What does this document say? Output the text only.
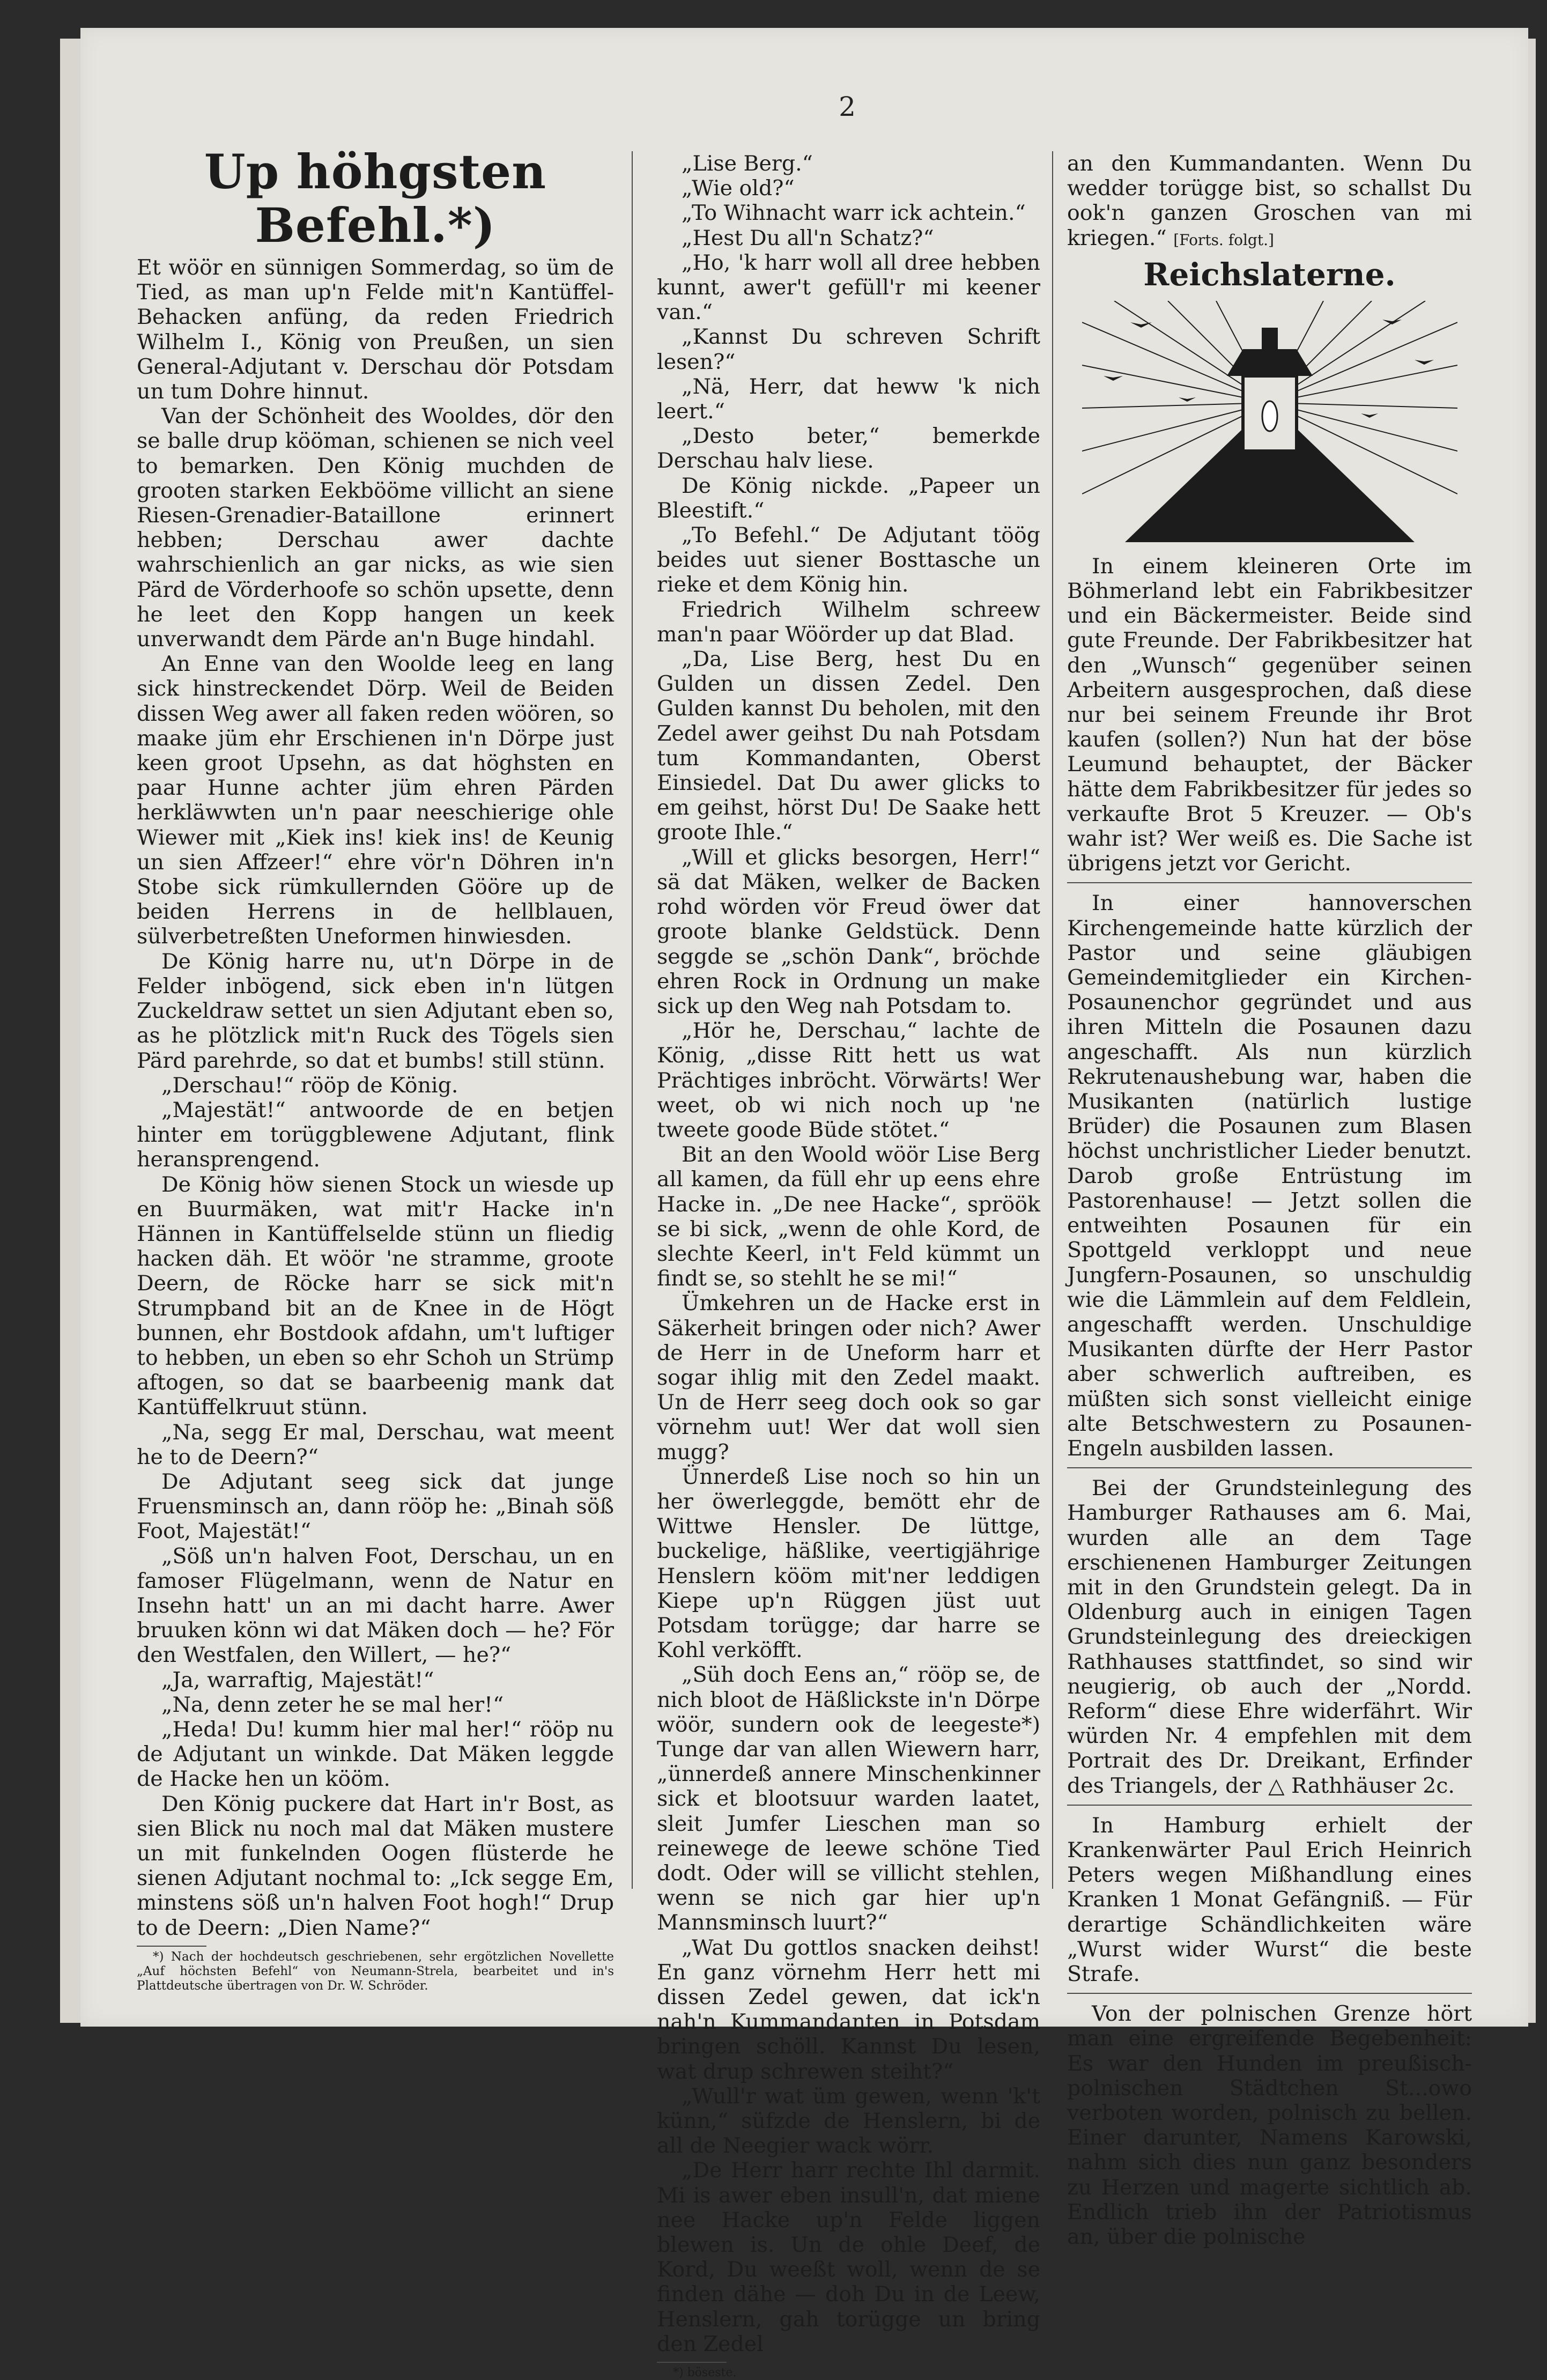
2
Up höhgsten Befehl.*)

Et wöör en sünnigen Sommerdag, so üm de Tied, as man up'n Felde mit'n Kantüffel-Behacken anfüng, da reden Friedrich Wilhelm I., König von Preußen, un sien General-Adjutant v. Derschau dör Potsdam un tum Dohre hinnut.

Van der Schönheit des Wooldes, dör den se balle drup kööman, schienen se nich veel to bemarken. Den König muchden de grooten starken Eekbööme villicht an siene Riesen-Grenadier-Bataillone erinnert hebben; Derschau awer dachte wahrschienlich an gar nicks, as wie sien Pärd de Vörderhoofe so schön upsette, denn he leet den Kopp hangen un keek unverwandt dem Pärde an'n Buge hindahl.

An Enne van den Woolde leeg en lang sick hinstreckendet Dörp. Weil de Beiden dissen Weg awer all faken reden wöören, so maake jüm ehr Erschienen in'n Dörpe just keen groot Upsehn, as dat höghsten en paar Hunne achter jüm ehren Pärden herkläwwten un'n paar neeschierige ohle Wiewer mit „Kiek ins! kiek ins! de Keunig un sien Affzeer!“ ehre vör'n Döhren in'n Stobe sick rümkullernden Gööre up de beiden Herrens in de hellblauen, sülverbetreßten Uneformen hinwiesden.

De König harre nu, ut'n Dörpe in de Felder inbögend, sick eben in'n lütgen Zuckeldraw settet un sien Adjutant eben so, as he plötzlick mit'n Ruck des Tögels sien Pärd parehrde, so dat et bumbs! still stünn.

„Derschau!“ rööp de König.

„Majestät!“ antwoorde de en betjen hinter em torüggblewene Adjutant, flink heransprengend.

De König höw sienen Stock un wiesde up en Buurmäken, wat mit'r Hacke in'n Hännen in Kantüffelselde stünn un fliedig hacken däh. Et wöör 'ne stramme, groote Deern, de Röcke harr se sick mit'n Strumpband bit an de Knee in de Högt bunnen, ehr Bostdook afdahn, um't luftiger to hebben, un eben so ehr Schoh un Strümp aftogen, so dat se baarbeenig mank dat Kantüffelkruut stünn.

„Na, segg Er mal, Derschau, wat meent he to de Deern?“

De Adjutant seeg sick dat junge Fruensminsch an, dann rööp he: „Binah söß Foot, Majestät!“

„Söß un'n halven Foot, Derschau, un en famoser Flügelmann, wenn de Natur en Insehn hatt' un an mi dacht harre. Awer bruuken könn wi dat Mäken doch — he? För den Westfalen, den Willert, — he?“

„Ja, warraftig, Majestät!“

„Na, denn zeter he se mal her!“

„Heda! Du! kumm hier mal her!“ rööp nu de Adjutant un winkde. Dat Mäken leggde de Hacke hen un kööm.

Den König puckere dat Hart in'r Bost, as sien Blick nu noch mal dat Mäken mustere un mit funkelnden Oogen flüsterde he sienen Adjutant nochmal to: „Ick segge Em, minstens söß un'n halven Foot hogh!“ Drup to de Deern: „Dien Name?“

*) Nach der hochdeutsch geschriebenen, sehr ergötzlichen Novellette „Auf höchsten Befehl“ von Neumann-Strela, bearbeitet und in's Plattdeutsche übertragen von Dr. W. Schröder.

„Lise Berg.“

„Wie old?“

„To Wihnacht warr ick achtein.“

„Hest Du all'n Schatz?“

„Ho, 'k harr woll all dree hebben kunnt, awer't gefüll'r mi keener van.“

„Kannst Du schreven Schrift lesen?“

„Nä, Herr, dat heww 'k nich leert.“

„Desto beter,“ bemerkde Derschau halv liese.

De König nickde. „Papeer un Bleestift.“

„To Befehl.“ De Adjutant töög beides uut siener Bosttasche un rieke et dem König hin.

Friedrich Wilhelm schreew man'n paar Wöörder up dat Blad.

„Da, Lise Berg, hest Du en Gulden un dissen Zedel. Den Gulden kannst Du beholen, mit den Zedel awer geihst Du nah Potsdam tum Kommandanten, Oberst Einsiedel. Dat Du awer glicks to em geihst, hörst Du! De Saake hett groote Ihle.“

„Will et glicks besorgen, Herr!“ sä dat Mäken, welker de Backen rohd wörden vör Freud öwer dat groote blanke Geldstück. Denn seggde se „schön Dank“, bröchde ehren Rock in Ordnung un make sick up den Weg nah Potsdam to.

„Hör he, Derschau,“ lachte de König, „disse Ritt hett us wat Prächtiges inbröcht. Vörwärts! Wer weet, ob wi nich noch up 'ne tweete goode Büde stötet.“

Bit an den Woold wöör Lise Berg all kamen, da füll ehr up eens ehre Hacke in. „De nee Hacke“, spröök se bi sick, „wenn de ohle Kord, de slechte Keerl, in't Feld kümmt un findt se, so stehlt he se mi!“

Ümkehren un de Hacke erst in Säkerheit bringen oder nich? Awer de Herr in de Uneform harr et sogar ihlig mit den Zedel maakt. Un de Herr seeg doch ook so gar vörnehm uut! Wer dat woll sien mugg?

Ünnerdeß Lise noch so hin un her öwerleggde, bemött ehr de Wittwe Hensler. De lüttge, buckelige, häßlike, veertigjährige Henslern kööm mit'ner leddigen Kiepe up'n Rüggen jüst uut Potsdam torügge; dar harre se Kohl verköfft.

„Süh doch Eens an,“ rööp se, de nich bloot de Häßlickste in'n Dörpe wöör, sundern ook de leegeste*) Tunge dar van allen Wiewern harr, „ünnerdeß annere Minschenkinner sick et blootsuur warden laatet, sleit Jumfer Lieschen man so reinewege de leewe schöne Tied dodt. Oder will se villicht stehlen, wenn se nich gar hier up'n Mannsminsch luurt?“

„Wat Du gottlos snacken deihst! En ganz vörnehm Herr hett mi dissen Zedel gewen, dat ick'n nah'n Kummandanten in Potsdam bringen schöll. Kannst Du lesen, wat drup schrewen steiht?“

„Wull'r wat üm gewen, wenn 'k't künn,“ süfzde de Henslern, bi de all de Neegier wack wörr.

„De Herr harr rechte Ihl darmit. Mi is awer eben insull'n, dat miene nee Hacke up'n Felde liggen blewen is. Un de ohle Deef, de Kord, Du weeßt woll, wenn de se finden dähe — doh Du in de Leew, Henslern, gah torügge un bring den Zedel

*) böseste.

an den Kummandanten. Wenn Du wedder torügge bist, so schallst Du ook'n ganzen Groschen van mi kriegen.“ [Forts. folgt.]

Reichslaterne.

In einem kleineren Orte im Böhmerland lebt ein Fabrikbesitzer und ein Bäckermeister. Beide sind gute Freunde. Der Fabrikbesitzer hat den „Wunsch“ gegenüber seinen Arbeitern ausgesprochen, daß diese nur bei seinem Freunde ihr Brot kaufen (sollen?) Nun hat der böse Leumund behauptet, der Bäcker hätte dem Fabrikbesitzer für jedes so verkaufte Brot 5 Kreuzer. — Ob's wahr ist? Wer weiß es. Die Sache ist übrigens jetzt vor Gericht.

In einer hannoverschen Kirchengemeinde hatte kürzlich der Pastor und seine gläubigen Gemeindemitglieder ein Kirchen-Posaunenchor gegründet und aus ihren Mitteln die Posaunen dazu angeschafft. Als nun kürzlich Rekrutenaushebung war, haben die Musikanten (natürlich lustige Brüder) die Posaunen zum Blasen höchst unchristlicher Lieder benutzt. Darob große Entrüstung im Pastorenhause! — Jetzt sollen die entweihten Posaunen für ein Spottgeld verkloppt und neue Jungfern-Posaunen, so unschuldig wie die Lämmlein auf dem Feldlein, angeschafft werden. Unschuldige Musikanten dürfte der Herr Pastor aber schwerlich auftreiben, es müßten sich sonst vielleicht einige alte Betschwestern zu Posaunen-Engeln ausbilden lassen.

Bei der Grundsteinlegung des Hamburger Rathauses am 6. Mai, wurden alle an dem Tage erschienenen Hamburger Zeitungen mit in den Grundstein gelegt. Da in Oldenburg auch in einigen Tagen Grundsteinlegung des dreieckigen Rathhauses stattfindet, so sind wir neugierig, ob auch der „Nordd. Reform“ diese Ehre widerfährt. Wir würden Nr. 4 empfehlen mit dem Portrait des Dr. Dreikant, Erfinder des Triangels, der △ Rathhäuser 2c.

In Hamburg erhielt der Krankenwärter Paul Erich Heinrich Peters wegen Mißhandlung eines Kranken 1 Monat Gefängniß. — Für derartige Schändlichkeiten wäre „Wurst wider Wurst“ die beste Strafe.

Von der polnischen Grenze hört man eine ergreifende Begebenheit: Es war den Hunden im preußisch-polnischen Städtchen St...owo verboten worden, polnisch zu bellen. Einer darunter, Namens Karowski, nahm sich dies nun ganz besonders zu Herzen und magerte sichtlich ab. Endlich trieb ihn der Patriotismus an, über die polnische
